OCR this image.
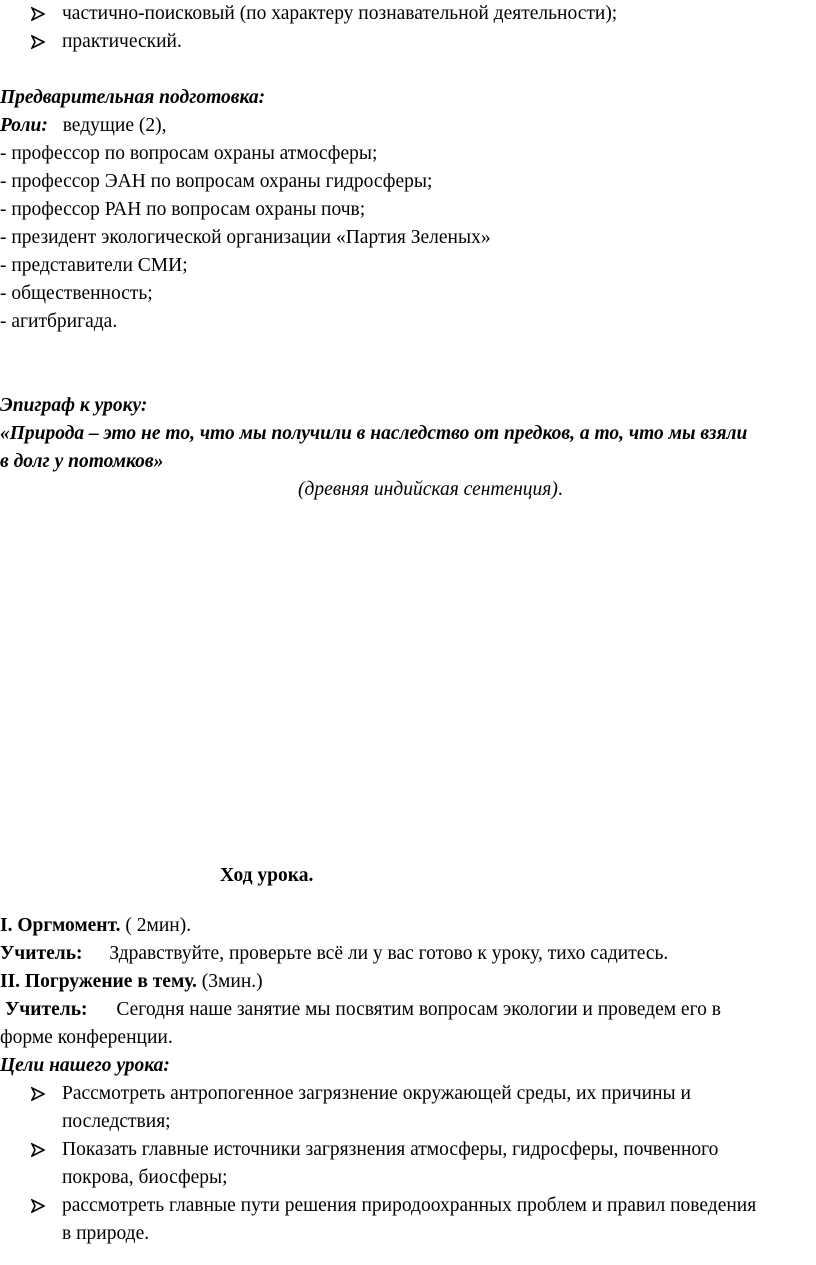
частично-поисковый (по характеру познавательной деятельности);
практический.
Предварительная подготовка:
Роли: ведущие (2),
- профессор по вопросам охраны атмосферы;
- профессор ЭАН по вопросам охраны гидросферы;
- профессор РАН по вопросам охраны почв;
- президент экологической организации «Партия Зеленых»
- представители СМИ;
- общественность;
- агитбригада.
Эпиграф к уроку:
«Природа – это не то, что мы получили в наследство от предков, а то, что мы взяли
в долг у потомков»
(древняя индийская сентенция).
Ход урока.
I. Оргмомент. ( 2мин).
Учитель: Здравствуйте, проверьте всё ли у вас готово к уроку, тихо садитесь.
II. Погружение в тему. (3мин.)
Учитель: Сегодня наше занятие мы посвятим вопросам экологии и проведем его в
форме конференции.
Цели нашего урока:
Рассмотреть антропогенное загрязнение окружающей среды, их причины и
последствия;
Показать главные источники загрязнения атмосферы, гидросферы, почвенного
покрова, биосферы;
рассмотреть главные пути решения природоохранных проблем и правил поведения
в природе.
